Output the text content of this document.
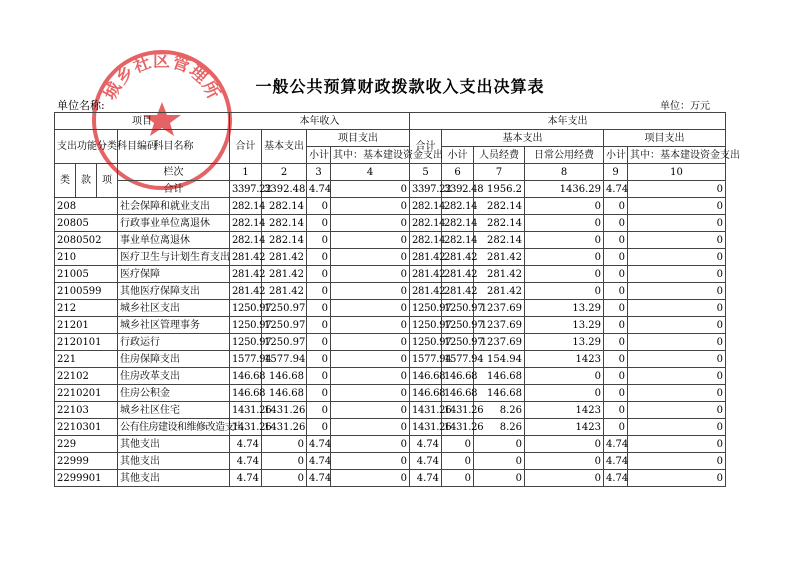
城乡社区管理所	一般公共预算财政拨款收入支出决算表
单位名称:	单位：万元
项目				本年收入				本年支出					
支出功能分类科目编码			科目名称	合计	基本支出	项目支出		合计	基本支出			项目支出	
						小计	其中：基本建设资金支出		小计	人员经费	日常公用经费	小计	其中：基本建设资金支出
类	款	项	栏次	1	2	3	4	5	6	7	8	9	10
			合计	3397.22	3392.48	4.74	0	3397.22	3392.48	1956.2	1436.29	4.74	0
208			社会保障和就业支出	282.14	282.14	0	0	282.14	282.14	282.14	0	0	0
20805			行政事业单位离退休	282.14	282.14	0	0	282.14	282.14	282.14	0	0	0
2080502			事业单位离退休	282.14	282.14	0	0	282.14	282.14	282.14	0	0	0
210			医疗卫生与计划生育支出	281.42	281.42	0	0	281.42	281.42	281.42	0	0	0
21005			医疗保障	281.42	281.42	0	0	281.42	281.42	281.42	0	0	0
2100599			其他医疗保障支出	281.42	281.42	0	0	281.42	281.42	281.42	0	0	0
212			城乡社区支出	1250.97	1250.97	0	0	1250.97	1250.97	1237.69	13.29	0	0
21201			城乡社区管理事务	1250.97	1250.97	0	0	1250.97	1250.97	1237.69	13.29	0	0
2120101			行政运行	1250.97	1250.97	0	0	1250.97	1250.97	1237.69	13.29	0	0
221			住房保障支出	1577.94	1577.94	0	0	1577.94	1577.94	154.94	1423	0	0
22102			住房改革支出	146.68	146.68	0	0	146.68	146.68	146.68	0	0	0
2210201			住房公积金	146.68	146.68	0	0	146.68	146.68	146.68	0	0	0
22103			城乡社区住宅	1431.26	1431.26	0	0	1431.26	1431.26	8.26	1423	0	0
2210301			公有住房建设和维修改造支出	1431.26	1431.26	0	0	1431.26	1431.26	8.26	1423	0	0
229			其他支出	4.74	0	4.74	0	4.74	0	0	0	4.74	0
22999			其他支出	4.74	0	4.74	0	4.74	0	0	0	4.74	0
2299901			其他支出	4.74	0	4.74	0	4.74	0	0	0	4.74	0
